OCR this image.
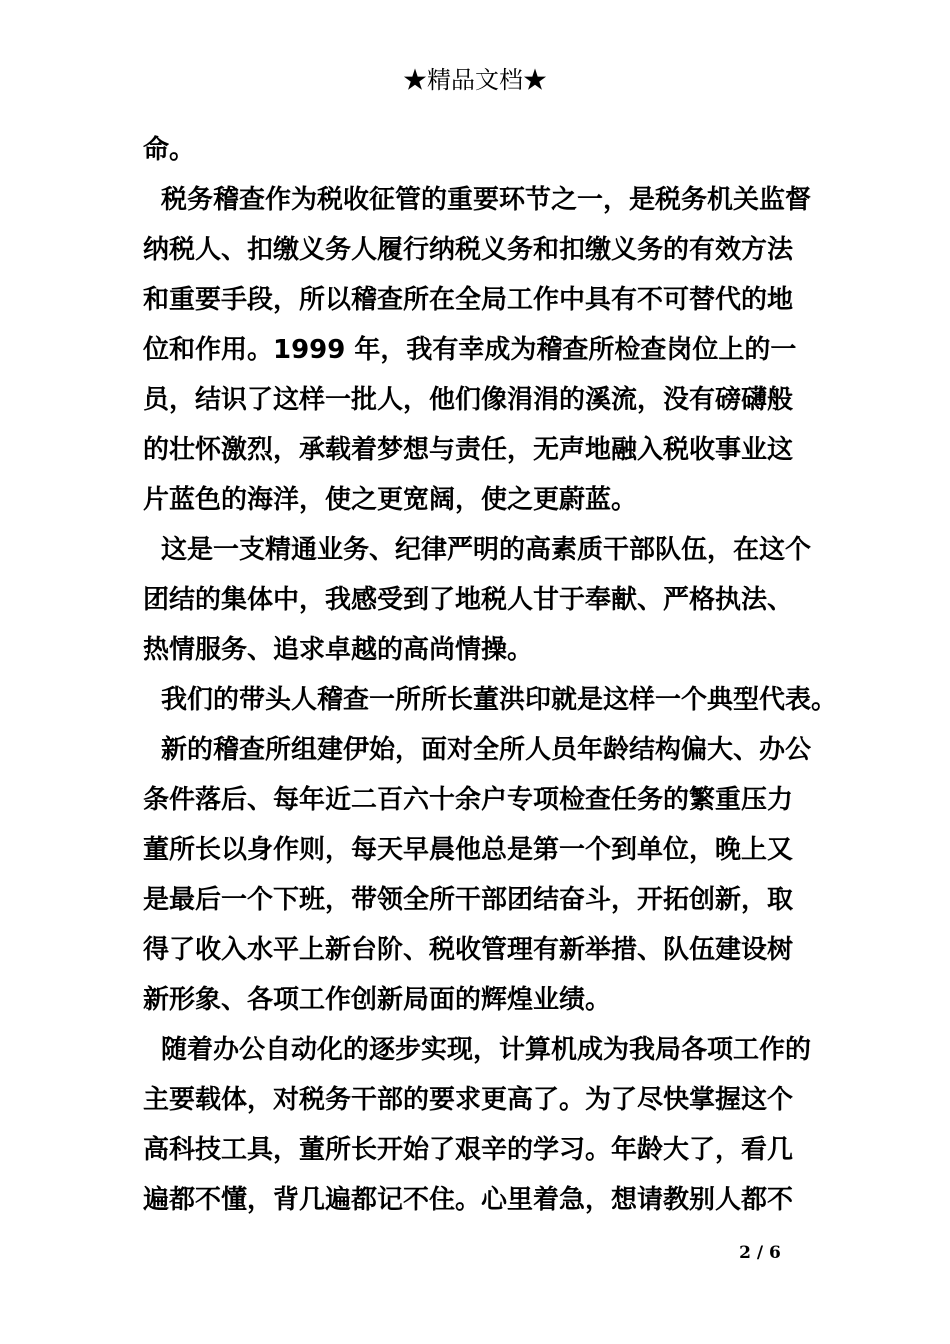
★精品文档★
命。
税务稽查作为税收征管的重要环节之一，是税务机关监督
纳税人、扣缴义务人履行纳税义务和扣缴义务的有效方法
和重要手段，所以稽查所在全局工作中具有不可替代的地
位和作用。1999 年，我有幸成为稽查所检查岗位上的一
员，结识了这样一批人，他们像涓涓的溪流，没有磅礴般
的壮怀激烈，承载着梦想与责任，无声地融入税收事业这
片蓝色的海洋，使之更宽阔，使之更蔚蓝。
这是一支精通业务、纪律严明的高素质干部队伍，在这个
团结的集体中，我感受到了地税人甘于奉献、严格执法、
热情服务、追求卓越的高尚情操。
我们的带头人稽查一所所长董洪印就是这样一个典型代表。
新的稽查所组建伊始，面对全所人员年龄结构偏大、办公
条件落后、每年近二百六十余户专项检查任务的繁重压力
董所长以身作则，每天早晨他总是第一个到单位，晚上又
是最后一个下班，带领全所干部团结奋斗，开拓创新，取
得了收入水平上新台阶、税收管理有新举措、队伍建设树
新形象、各项工作创新局面的辉煌业绩。
随着办公自动化的逐步实现，计算机成为我局各项工作的
主要载体，对税务干部的要求更高了。为了尽快掌握这个
高科技工具，董所长开始了艰辛的学习。年龄大了，看几
遍都不懂，背几遍都记不住。心里着急，想请教别人都不
2 / 6
